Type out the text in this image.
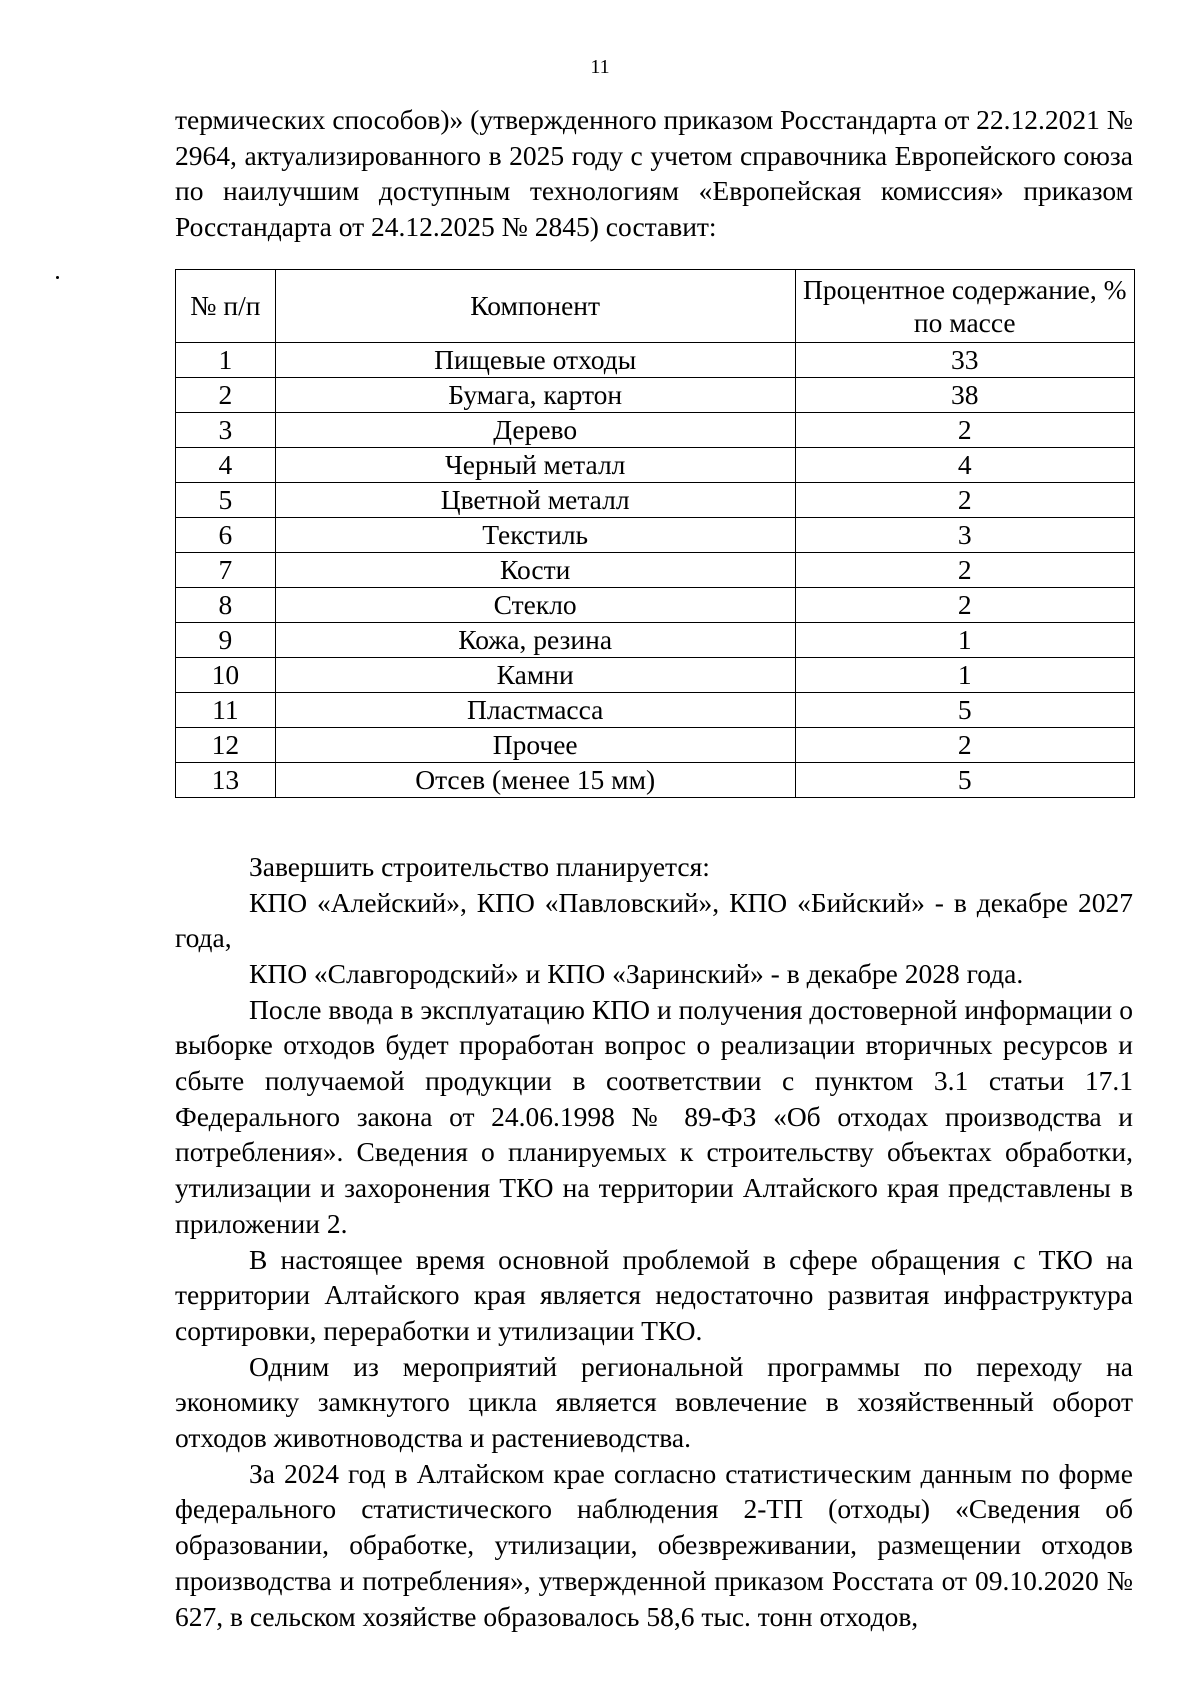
11

термических способов)» (утвержденного приказом Росстандарта от 22.12.2021 № 2964, актуализированного в 2025 году с учетом справочника Европейского союза по наилучшим доступным технологиям «Европейская комиссия» приказом Росстандарта от 24.12.2025 № 2845) составит:

№ п/п	Компонент	Процентное содержание, % по массе
1	Пищевые отходы	33
2	Бумага, картон	38
3	Дерево	2
4	Черный металл	4
5	Цветной металл	2
6	Текстиль	3
7	Кости	2
8	Стекло	2
9	Кожа, резина	1
10	Камни	1
11	Пластмасса	5
12	Прочее	2
13	Отсев (менее 15 мм)	5

Завершить строительство планируется:

КПО «Алейский», КПО «Павловский», КПО «Бийский» - в декабре 2027 года,

КПО «Славгородский» и КПО «Заринский» - в декабре 2028 года.

После ввода в эксплуатацию КПО и получения достоверной информации о выборке отходов будет проработан вопрос о реализации вторичных ресурсов и сбыте получаемой продукции в соответствии с пунктом 3.1 статьи 17.1 Федерального закона от 24.06.1998 № 89-ФЗ «Об отходах производства и потребления». Сведения о планируемых к строительству объектах обработки, утилизации и захоронения ТКО на территории Алтайского края представлены в приложении 2.

В настоящее время основной проблемой в сфере обращения с ТКО на территории Алтайского края является недостаточно развитая инфраструктура сортировки, переработки и утилизации ТКО.

Одним из мероприятий региональной программы по переходу на экономику замкнутого цикла является вовлечение в хозяйственный оборот отходов животноводства и растениеводства.

За 2024 год в Алтайском крае согласно статистическим данным по форме федерального статистического наблюдения 2-ТП (отходы) «Сведения об образовании, обработке, утилизации, обезвреживании, размещении отходов производства и потребления», утвержденной приказом Росстата от 09.10.2020 № 627, в сельском хозяйстве образовалось 58,6 тыс. тонн отходов,
